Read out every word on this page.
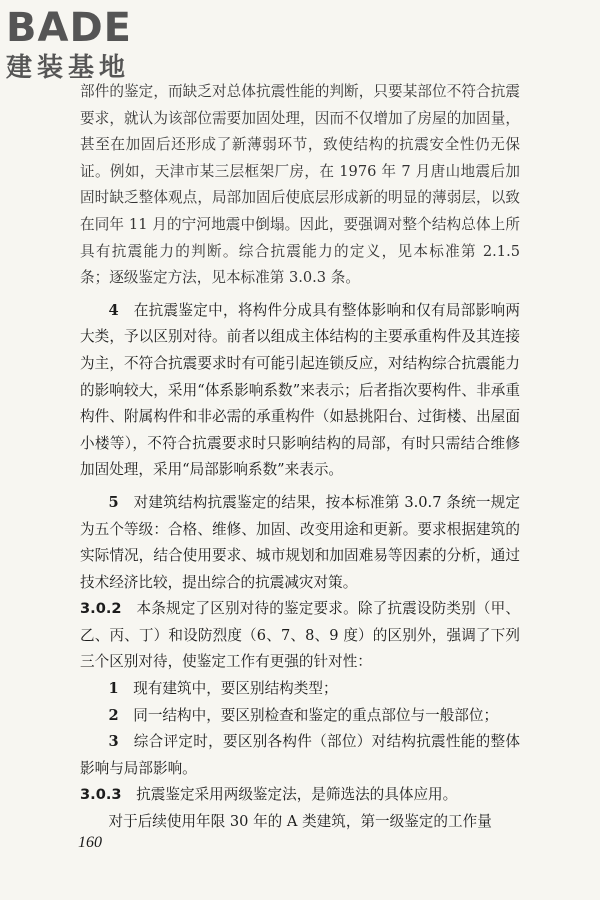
BADE
建装基地

部件的鉴定，而缺乏对总体抗震性能的判断，只要某部位不符合抗震要求，就认为该部位需要加固处理，因而不仅增加了房屋的加固量，甚至在加固后还形成了新薄弱环节，致使结构的抗震安全性仍无保证。例如，天津市某三层框架厂房，在 1976 年 7 月唐山地震后加固时缺乏整体观点，局部加固后使底层形成新的明显的薄弱层，以致在同年 11 月的宁河地震中倒塌。因此，要强调对整个结构总体上所具有抗震能力的判断。综合抗震能力的定义，见本标准第 2.1.5 条；逐级鉴定方法，见本标准第 3.0.3 条。

4　 在抗震鉴定中，将构件分成具有整体影响和仅有局部影响两大类，予以区别对待。前者以组成主体结构的主要承重构件及其连接为主，不符合抗震要求时有可能引起连锁反应，对结构综合抗震能力的影响较大，采用“体系影响系数”来表示；后者指次要构件、非承重构件、附属构件和非必需的承重构件（如悬挑阳台、过街楼、出屋面小楼等），不符合抗震要求时只影响结构的局部，有时只需结合维修加固处理，采用“局部影响系数”来表示。

5　 对建筑结构抗震鉴定的结果，按本标准第 3.0.7 条统一规定为五个等级：合格、维修、加固、改变用途和更新。要求根据建筑的实际情况，结合使用要求、城市规划和加固难易等因素的分析，通过技术经济比较，提出综合的抗震减灾对策。

3.0.2　 本条规定了区别对待的鉴定要求。除了抗震设防类别（甲、乙、丙、丁）和设防烈度（6、7、8、9 度）的区别外，强调了下列三个区别对待，使鉴定工作有更强的针对性：

1　 现有建筑中，要区别结构类型；

2　 同一结构中，要区别检查和鉴定的重点部位与一般部位；

3　 综合评定时，要区别各构件（部位）对结构抗震性能的整体影响与局部影响。

3.0.3　 抗震鉴定采用两级鉴定法，是筛选法的具体应用。

对于后续使用年限 30 年的 A 类建筑，第一级鉴定的工作量

160
